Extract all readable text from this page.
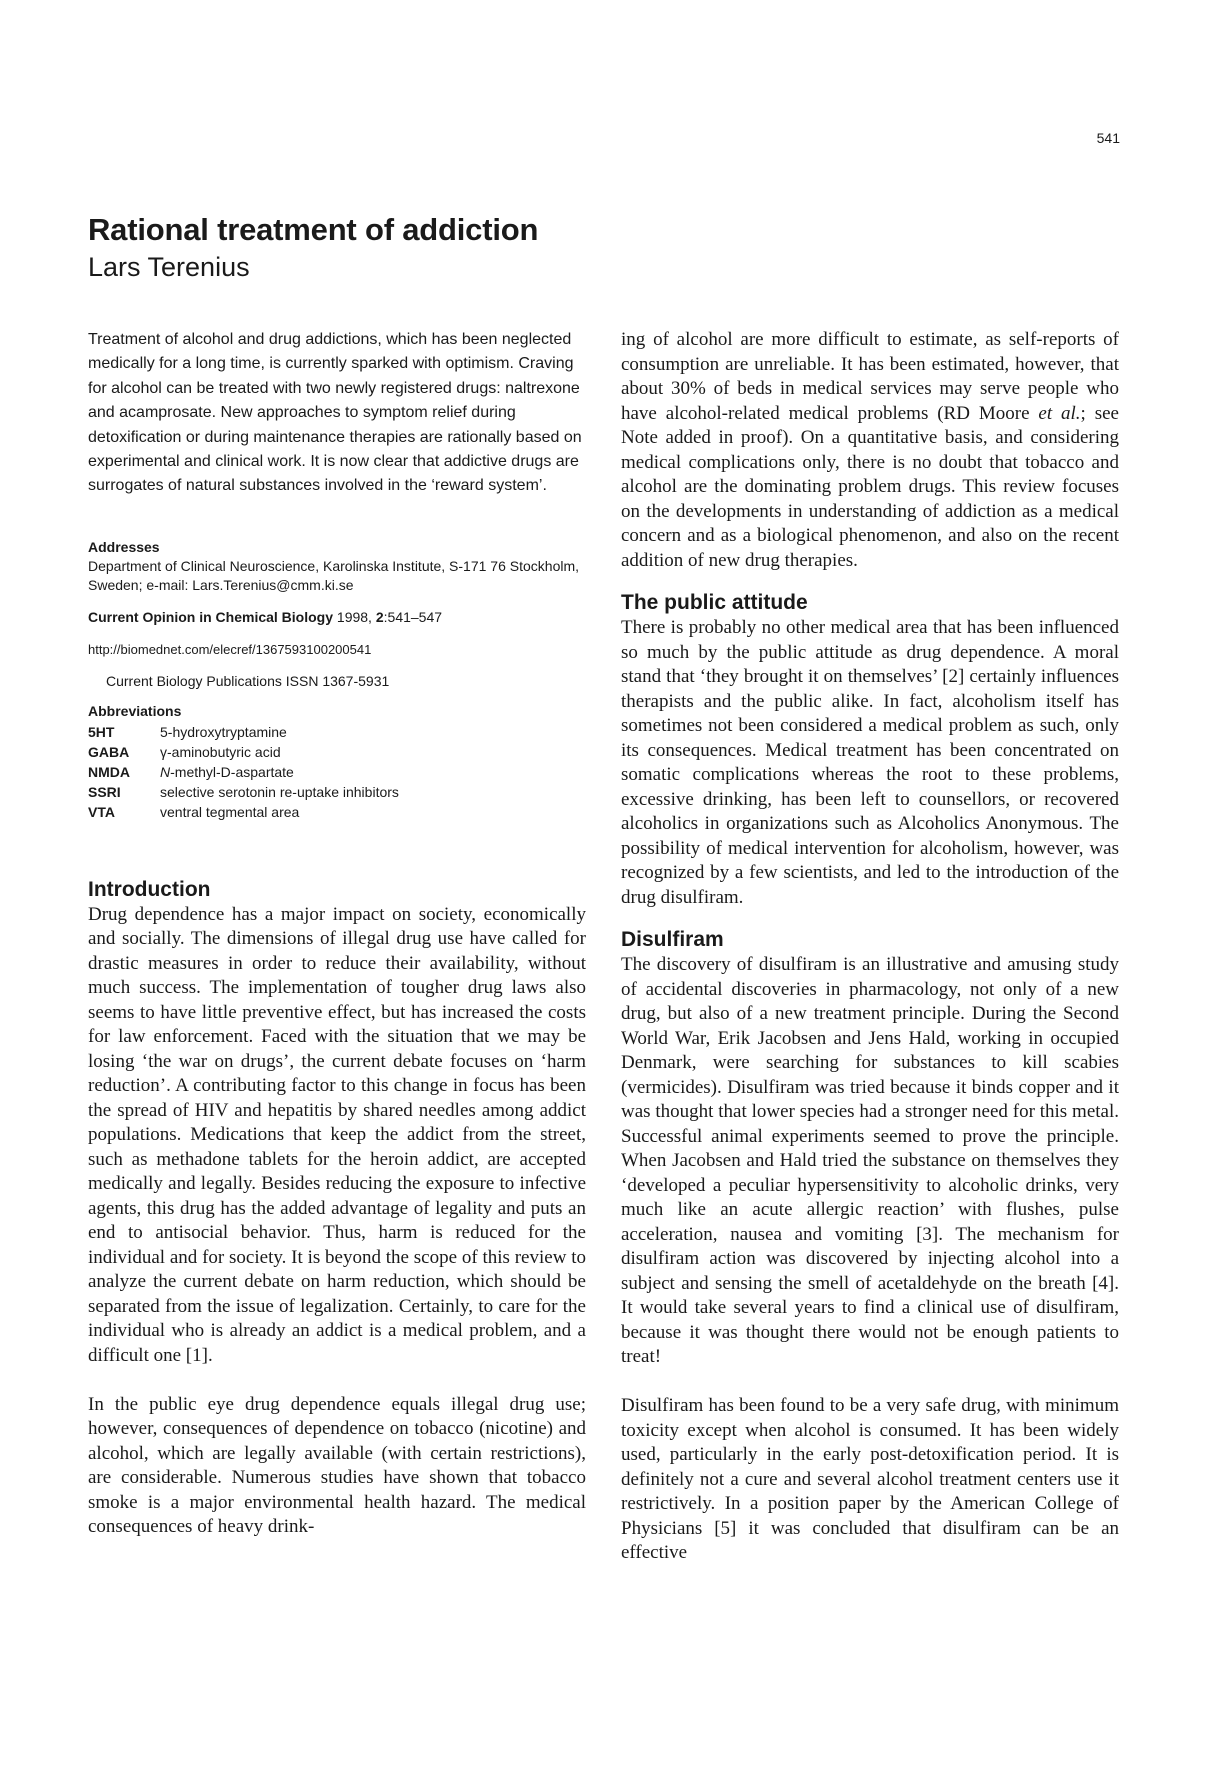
541
Rational treatment of addiction

Lars Terenius

Treatment of alcohol and drug addictions, which has been neglected medically for a long time, is currently sparked with optimism. Craving for alcohol can be treated with two newly registered drugs: naltrexone and acamprosate. New approaches to symptom relief during detoxification or during maintenance therapies are rationally based on experimental and clinical work. It is now clear that addictive drugs are surrogates of natural substances involved in the ‘reward system’.

Addresses

Department of Clinical Neuroscience, Karolinska Institute, S-171 76 Stockholm, Sweden; e-mail: Lars.Terenius@cmm.ki.se

Current Opinion in Chemical Biology 1998, 2:541–547

http://biomednet.com/elecref/1367593100200541

Current Biology Publications ISSN 1367-5931

Abbreviations

5HT	5-hydroxytryptamine
GABA	γ-aminobutyric acid
NMDA	N-methyl-D-aspartate
SSRI	selective serotonin re-uptake inhibitors
VTA	ventral tegmental area
Introduction

Drug dependence has a major impact on society, economically and socially. The dimensions of illegal drug use have called for drastic measures in order to reduce their availability, without much success. The implementation of tougher drug laws also seems to have little preventive effect, but has increased the costs for law enforcement. Faced with the situation that we may be losing ‘the war on drugs’, the current debate focuses on ‘harm reduction’. A contributing factor to this change in focus has been the spread of HIV and hepatitis by shared needles among addict populations. Medications that keep the addict from the street, such as methadone tablets for the heroin addict, are accepted medically and legally. Besides reducing the exposure to infective agents, this drug has the added advantage of legality and puts an end to antisocial behavior. Thus, harm is reduced for the individual and for society. It is beyond the scope of this review to analyze the current debate on harm reduction, which should be separated from the issue of legalization. Certainly, to care for the individual who is already an addict is a medical problem, and a difficult one [1].

In the public eye drug dependence equals illegal drug use; however, consequences of dependence on tobacco (nicotine) and alcohol, which are legally available (with certain restrictions), are considerable. Numerous studies have shown that tobacco smoke is a major environmental health hazard. The medical consequences of heavy drink-

ing of alcohol are more difficult to estimate, as self-reports of consumption are unreliable. It has been estimated, however, that about 30% of beds in medical services may serve people who have alcohol-related medical problems (RD Moore et al.; see Note added in proof). On a quantitative basis, and considering medical complications only, there is no doubt that tobacco and alcohol are the dominating problem drugs. This review focuses on the developments in understanding of addiction as a medical concern and as a biological phenomenon, and also on the recent addition of new drug therapies.

The public attitude

There is probably no other medical area that has been influenced so much by the public attitude as drug dependence. A moral stand that ‘they brought it on themselves’ [2] certainly influences therapists and the public alike. In fact, alcoholism itself has sometimes not been considered a medical problem as such, only its consequences. Medical treatment has been concentrated on somatic complications whereas the root to these problems, excessive drinking, has been left to counsellors, or recovered alcoholics in organizations such as Alcoholics Anonymous. The possibility of medical intervention for alcoholism, however, was recognized by a few scientists, and led to the introduction of the drug disulfiram.

Disulfiram

The discovery of disulfiram is an illustrative and amusing study of accidental discoveries in pharmacology, not only of a new drug, but also of a new treatment principle. During the Second World War, Erik Jacobsen and Jens Hald, working in occupied Denmark, were searching for substances to kill scabies (vermicides). Disulfiram was tried because it binds copper and it was thought that lower species had a stronger need for this metal. Successful animal experiments seemed to prove the principle. When Jacobsen and Hald tried the substance on themselves they ‘developed a peculiar hypersensitivity to alcoholic drinks, very much like an acute allergic reaction’ with flushes, pulse acceleration, nausea and vomiting [3]. The mechanism for disulfiram action was discovered by injecting alcohol into a subject and sensing the smell of acetaldehyde on the breath [4]. It would take several years to find a clinical use of disulfiram, because it was thought there would not be enough patients to treat!

Disulfiram has been found to be a very safe drug, with minimum toxicity except when alcohol is consumed. It has been widely used, particularly in the early post-detoxification period. It is definitely not a cure and several alcohol treatment centers use it restrictively. In a position paper by the American College of Physicians [5] it was concluded that disulfiram can be an effective
